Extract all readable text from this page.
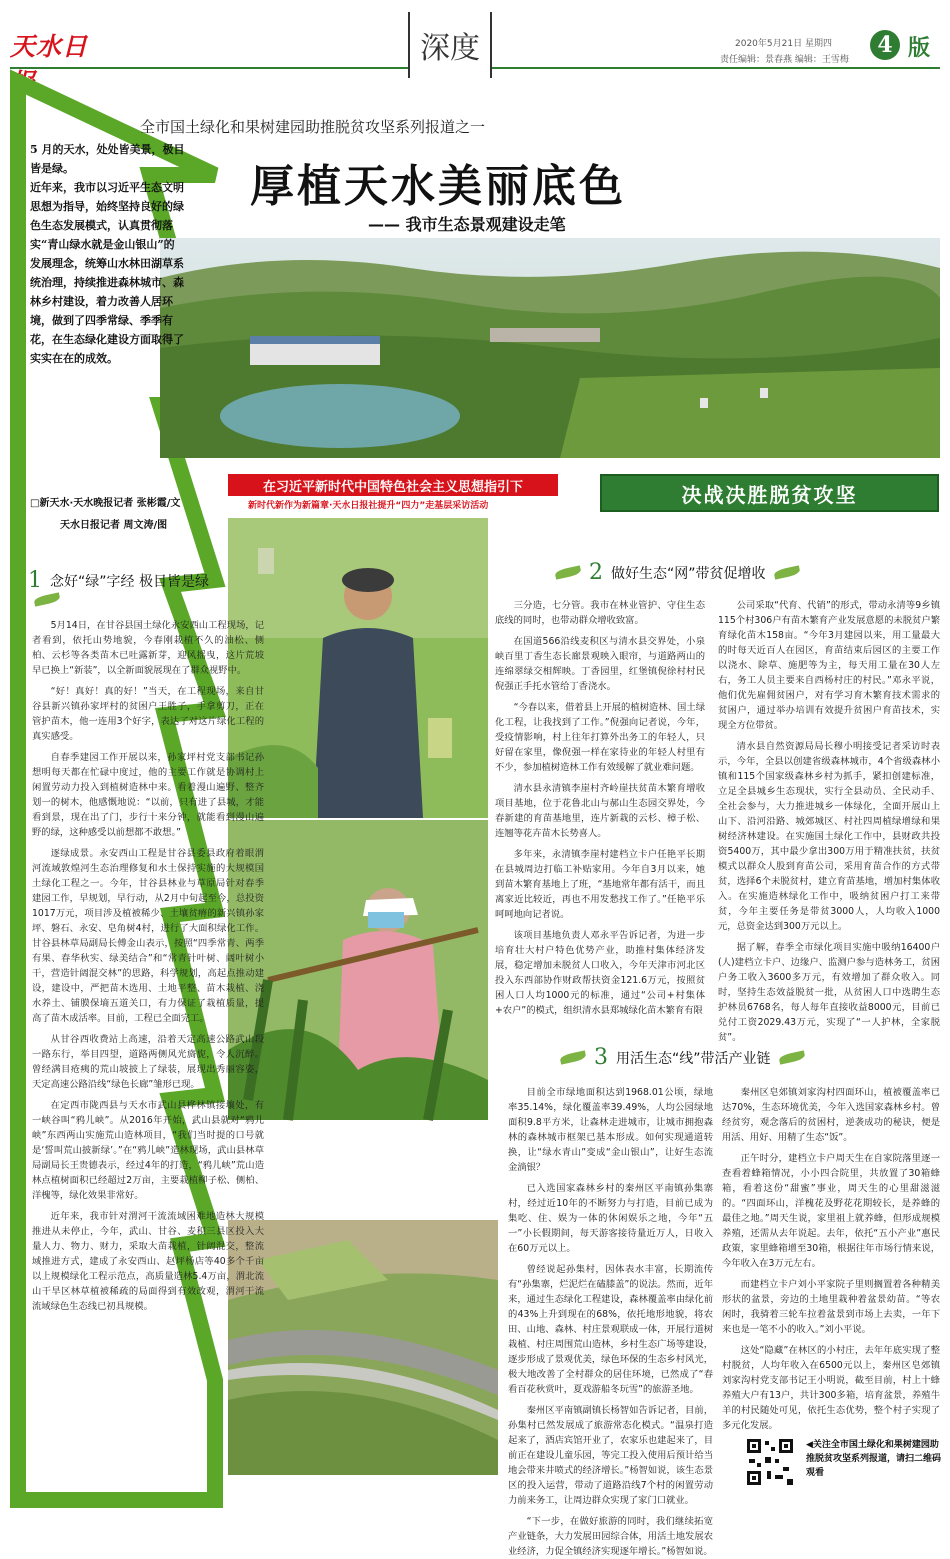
天水日	深度	2020年5月21日 星期四
责任编辑：景春燕 编辑：王雪梅
4 版
全市国土绿化和果树建园助推脱贫攻坚系列报道之一
厚植天水美丽底色
—— 我市生态景观建设走笔

5 月的天水，处处皆美景，极目皆是绿。

近年来，我市以习近平生态文明思想为指导，始终坚持良好的绿色生态发展模式，认真贯彻落实“青山绿水就是金山银山”的发展理念，统筹山水林田湖草系统治理，持续推进森林城市、森林乡村建设，着力改善人居环境，做到了四季常绿、季季有花，在生态绿化建设方面取得了实实在在的成效。

□新天水·天水晚报记者 张彬霞/文
天水日报记者 周文涛/图
在习近平新时代中国特色社会主义思想指引下
新时代新作为新篇章·天水日报社提升“四力”走基层采访活动	决战决胜脱贫攻坚
1 念好“绿”字经 极目皆是绿	2 做好生态“网”带贫促增收
3 用活生态“线”带活产业链

5月14日，在甘谷县国土绿化永安西山工程现场，记者看到，依托山势地貌，今春刚栽植不久的油松、侧柏、云杉等各类苗木已吐露新芽，迎风摇曳，这片荒坡早已换上“新装”，以全新面貌展现在了群众视野中。

“好！真好！真的好！”当天，在工程现场，来自甘谷县新兴镇孙家坪村的贫困户王胜子，手拿剪刀，正在管护苗木，他一连用3个好字，表达了对这片绿化工程的真实感受。

自春季建园工作开展以来，孙家坪村党支部书记孙想明每天都在忙碌中度过，他的主要工作就是协调村上闲置劳动力投入到植树造林中来。看着漫山遍野、整齐划一的树木，他感慨地说：“以前，只有进了县城，才能看到景，现在出了门，步行十来分钟，就能看到漫山遍野的绿，这种感受以前想都不敢想。”

逐绿成景。永安西山工程是甘谷县委县政府着眼渭河流域敦煌河生态治理修复和水土保持实施的大规模国土绿化工程之一。今年，甘谷县林业与草原局针对春季建园工作，早规划，早行动，从2月中旬起至今，总投资1017万元，项目涉及植被稀少、土壤贫瘠的新兴镇孙家坪、磐石、永安、皂角树4村，进行了大面积绿化工作。甘谷县林草局副局长傅金山表示，按照“四季常青、两季有果、春华秋实、绿美结合”和“常青针叶树、阔叶树小干，营造针阔混交林”的思路，科学规划，高起点推动建设，建设中，严把苗木选用、土地平整、苗木栽植、浇水养土、铺膜保墒五道关口，有力保证了栽植质量，提高了苗木成活率。目前，工程已全面完工。

从甘谷西收费站上高速，沿着天定高速公路武山段一路东行，举目四望，道路两侧风光旖旎，令人沉醉。曾经满目疮痍的荒山坡披上了绿装，展现出秀丽容姿，天定高速公路沿线“绿色长廊”雏形已现。

在定西市陇西县与天水市武山县桦林镇接壤处，有一峡谷叫“鸦儿峡”。从2016年开始，武山县就对“鸦儿峡”东西两山实施荒山造林项目，“我们当时提的口号就是‘誓叫荒山披新绿’。”在“鸦儿峡”造林现场，武山县林草局副局长王贵德表示，经过4年的打造，“鸦儿峡”荒山造林点植树面积已经超过2万亩，主要栽植柳子松、侧柏、洋槐等，绿化效果非常好。

近年来，我市针对渭河干流流域困难地造林大规模推进从未停止，今年，武山、甘谷、麦积三县区投入大量人力、物力、财力，采取大苗栽植，针阔混交，整流域推进方式，建成了永安西山、赵坪杨店等40多个千亩以上规模绿化工程示范点，高质量造林5.4万亩，渭北流山干旱区林草植被稀疏的局面得到有效改观，渭河干流流域绿色生态线已初具规模。

三分造，七分管。我市在林业管护、守住生态底线的同时，也带动群众增收致富。

在国道566沿线麦积区与清水县交界处，小泉峡百里丁香生态长廊景观映入眼帘，与道路两山的连绵翠绿交相辉映。丁香园里，红堡镇倪徐村村民倪强正手托水管给丁香浇水。

“今春以来，借着县上开展的植树造林、国土绿化工程，让我找到了工作。”倪强向记者说，今年，受疫情影响，村上往年打算外出务工的年轻人，只好留在家里，像倪强一样在家待业的年轻人村里有不少，参加植树造林工作有效缓解了就业难问题。

清水县永清镇李崖村齐岭崖扶贫苗木繁育增收项目基地，位于花鲁北山与郝山生态园交界处，今春新建的育苗基地里，连片新栽的云杉、樟子松、连翘等花卉苗木长势喜人。

多年来，永清镇李崖村建档立卡户任艳平长期在县城周边打临工补贴家用。今年自3月以来，她到苗木繁育基地上了班，“基地常年都有活干，而且离家近比较近，再也不用发愁找工作了。”任艳平乐呵呵地向记者说。

该项目基地负责人邓永平告诉记者，为进一步培育壮大村户特色优势产业，助推村集体经济发展，稳定增加未脱贫人口收入，今年天津市河北区投入东西部协作财政帮扶资金121.6万元，按照贫困人口人均1000元的标准，通过“公司+村集体+农户”的模式，组织清水县郑城绿化苗木繁育有限

公司采取“代育、代销”的形式，带动永清等9乡镇115个村306户有苗木繁育产业发展意愿的未脱贫户繁育绿化苗木158亩。“今年3月建园以来，用工量最大的时每天近百人在园区，育苗结束后园区的主要工作以浇水、除草、施肥等为主，每天用工量在30人左右，务工人员主要来自西杨村庄的村民。”邓永平说，他们优先雇佣贫困户，对有学习育木繁育技术需求的贫困户，通过举办培训有效提升贫困户育苗技术，实现全方位带贫。

清水县自然资源局局长穆小明接受记者采访时表示，今年，全县以创建省级森林城市，4个省级森林小镇和115个国家级森林乡村为抓手，紧扣创建标准，立足全县城乡生态现状，实行全县动员、全民动手、全社会参与，大力推进城乡一体绿化，全面开展山上山下、沿河沿路、城郊城区、村社四周植绿增绿和果树经济林建设。在实施国土绿化工作中，县财政共投资5400万，其中最少拿出300万用于精准扶贫，扶贫模式以群众人股到育苗公司，采用育苗合作的方式带贫，选择6个未脱贫村，建立育苗基地，增加村集体收入。在实施造林绿化工作中，吸纳贫困户打工来带贫，今年主要任务是带贫3000人，人均收入1000元，总资金达到300万元以上。

据了解，春季全市绿化项目实施中吸纳16400户(人)建档立卡户、边缘户、监测户参与造林务工，贫困户务工收入3600多万元，有效增加了群众收入。同时，坚持生态效益脱贫一批，从贫困人口中选聘生态护林员6768名，每人每年直接收益8000元，目前已兑付工资2029.43万元，实现了“一人护林，全家脱贫”。

目前全市绿地面积达到1968.01公顷，绿地率35.14%，绿化覆盖率39.49%，人均公园绿地面积9.8平方米，让森林走进城市，让城市拥抱森林的森林城市框架已基本形成。如何实现通道转换，让“绿水青山”变成“金山银山”，让好生态流金淌银？

已入选国家森林乡村的秦州区平南镇孙集寨村，经过近10年的不断努力与打造，目前已成为集吃、住、娱为一体的休闲娱乐之地，今年“五一”小长假期间，每天游客接待量近万人，日收入在60万元以上。

曾经说起孙集村，因体表水丰富，长期流传有“孙集寨，烂泥烂在磕膝盖”的说法。然而，近年来，通过生态绿化工程建设，森林覆盖率由绿化前的43%上升到现在的68%，依托地形地貌，将农田、山地、森林、村庄景观联成一体，开展行道树栽植、村庄周围荒山造林，乡村生态广场等建设，逐步形成了景观优美，绿色环保的生态乡村风光，极大地改善了全村群众的居住环境，已然成了“春看百花秋赏叶，夏戏游船冬玩雪”的旅游圣地。

秦州区平南镇副镇长杨智如告诉记者，目前，孙集村已然发展成了旅游常态化模式。“温泉打造起来了，酒店宾馆开业了，农家乐也建起来了，目前正在建设儿童乐园，等完工投入使用后预计给当地会带来井喷式的经济增长。”杨智如说，该生态景区的投入运营，带动了道路沿线7个村的闲置劳动力前来务工，让周边群众实现了家门口就业。

“下一步，在做好旅游的同时，我们继续拓宽产业链条，大力发展田园综合体，用活土地发展农业经济，力促全镇经济实现逐年增长。”杨智如说。

秦州区皂郊镇刘家沟村四面环山，植被覆盖率已达70%，生态环境优美，今年入选国家森林乡村。曾经贫穷，观念落后的贫困村，逆袭成功的秘诀，便是用活、用好、用精了生态“饭”。

正午时分，建档立卡户周天生在自家院落里逐一查看着蜂箱情况，小小四合院里，共放置了30箱蜂箱，看着这份“甜蜜”事业，周天生的心里甜滋滋的。“四面环山，洋槐花及野花花期较长，是养蜂的最佳之地。”周天生说，家里祖上就养蜂，但形成规模养殖，还需从去年说起。去年，依托“五小产业”惠民政策，家里蜂箱增至30箱，根据往年市场行情来说，今年收入在3万元左右。

而建档立卡户刘小平家院子里则搁置着各种精美形状的盆景，旁边的土地里栽种着盆景幼苗。“等农闲时，我骑着三轮车拉着盆景到市场上去卖，一年下来也是一笔不小的收入。”刘小平说。

这处“隐藏”在林区的小村庄，去年年底实现了整村脱贫，人均年收入在6500元以上，秦州区皂郊镇刘家沟村党支部书记王小明说，截至目前，村上十蜂养殖大户有13户，共计300多箱，培育盆景，养殖牛羊的村民随处可见，依托生态优势，整个村子实现了多元化发展。

◀关注全市国土绿化和果树建园助推脱贫攻坚系列报道，请扫二维码观看
